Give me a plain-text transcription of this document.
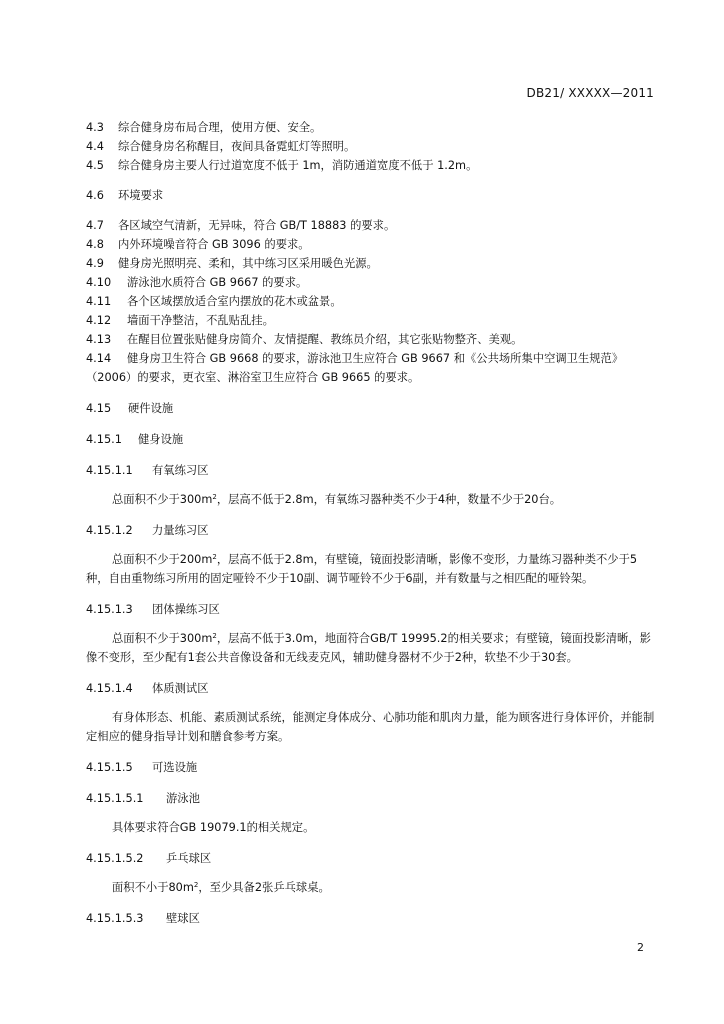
DB21/ XXXXX—2011

4.3 综合健身房布局合理，使用方便、安全。

4.4 综合健身房名称醒目，夜间具备霓虹灯等照明。

4.5 综合健身房主要人行过道宽度不低于 1m，消防通道宽度不低于 1.2m。

4.6 环境要求

4.7 各区域空气清新，无异味，符合 GB/T 18883 的要求。

4.8 内外环境噪音符合 GB 3096 的要求。

4.9 健身房光照明亮、柔和，其中练习区采用暖色光源。

4.10 游泳池水质符合 GB 9667 的要求。

4.11 各个区域摆放适合室内摆放的花木或盆景。

4.12 墙面干净整洁，不乱贴乱挂。

4.13 在醒目位置张贴健身房简介、友情提醒、教练员介绍，其它张贴物整齐、美观。

4.14 健身房卫生符合 GB 9668 的要求，游泳池卫生应符合 GB 9667 和《公共场所集中空调卫生规范》（2006）的要求，更衣室、淋浴室卫生应符合 GB 9665 的要求。

4.15 硬件设施

4.15.1 健身设施

4.15.1.1 有氧练习区

总面积不少于$300m^2$，层高不低于2.8m，有氧练习器种类不少于4种，数量不少于20台。

4.15.1.2 力量练习区

总面积不少于$200m^2$，层高不低于2.8m，有壁镜，镜面投影清晰，影像不变形，力量练习器种类不少于5种，自由重物练习所用的固定哑铃不少于10副、调节哑铃不少于6副，并有数量与之相匹配的哑铃架。

4.15.1.3 团体操练习区

总面积不少于$300m^2$，层高不低于3.0m，地面符合GB/T 19995.2的相关要求；有壁镜，镜面投影清晰，影像不变形，至少配有1套公共音像设备和无线麦克风，辅助健身器材不少于2种，软垫不少于30套。

4.15.1.4 体质测试区

有身体形态、机能、素质测试系统，能测定身体成分、心肺功能和肌肉力量，能为顾客进行身体评价，并能制定相应的健身指导计划和膳食参考方案。

4.15.1.5 可选设施

4.15.1.5.1 游泳池

具体要求符合GB 19079.1的相关规定。

4.15.1.5.2 乒乓球区

面积不小于$80m^2$，至少具备2张乒乓球桌。

4.15.1.5.3 壁球区

2
